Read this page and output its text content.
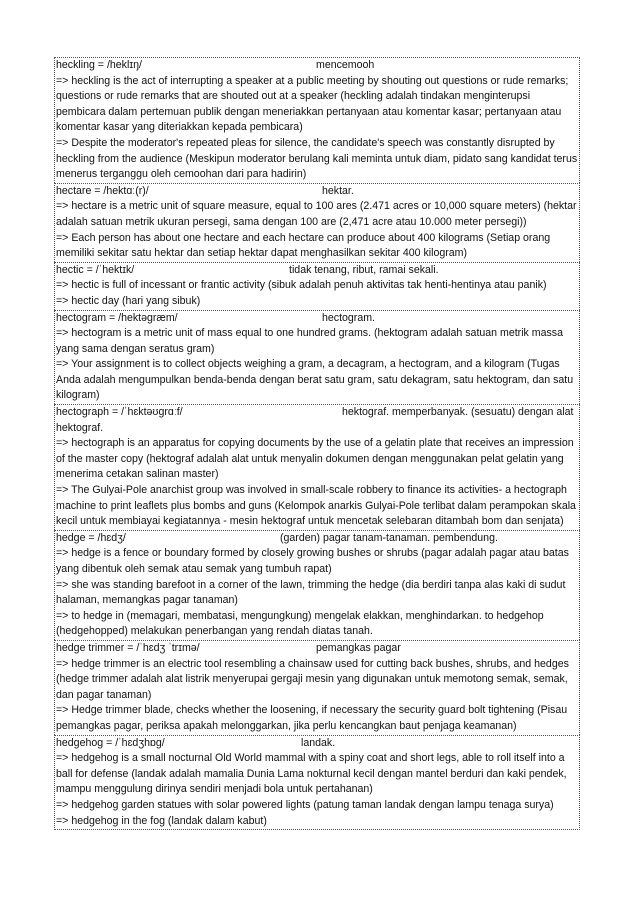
heckling = /heklɪŋ/	mencemooh
=> heckling is the act of interrupting a speaker at a public meeting by shouting out questions or rude remarks; questions or rude remarks that are shouted out at a speaker (heckling adalah tindakan menginterupsi pembicara dalam pertemuan publik dengan meneriakkan pertanyaan atau komentar kasar; pertanyaan atau komentar kasar yang diteriakkan kepada pembicara)
=> Despite the moderator's repeated pleas for silence, the candidate's speech was constantly disrupted by heckling from the audience (Meskipun moderator berulang kali meminta untuk diam, pidato sang kandidat terus menerus terganggu oleh cemoohan dari para hadirin)
hectare = /hektɑː(r)/	hektar.
=> hectare is a metric unit of square measure, equal to 100 ares (2.471 acres or 10,000 square meters) (hektar adalah satuan metrik ukuran persegi, sama dengan 100 are (2,471 acre atau 10.000 meter persegi))
=> Each person has about one hectare and each hectare can produce about 400 kilograms (Setiap orang memiliki sekitar satu hektar dan setiap hektar dapat menghasilkan sekitar 400 kilogram)
hectic = /ˈhektɪk/	tidak tenang, ribut, ramai sekali.
=> hectic is full of incessant or frantic activity (sibuk adalah penuh aktivitas tak henti-hentinya atau panik)
=> hectic day (hari yang sibuk)
hectogram = /hektəɡræm/	hectogram.
=> hectogram is a metric unit of mass equal to one hundred grams. (hektogram adalah satuan metrik massa yang sama dengan seratus gram)
=> Your assignment is to collect objects weighing a gram, a decagram, a hectogram, and a kilogram (Tugas Anda adalah mengumpulkan benda-benda dengan berat satu gram, satu dekagram, satu hektogram, dan satu kilogram)
hectograph = /ˈhɛktəʊɡrɑːf/	hektograf. memperbanyak. (sesuatu) dengan alat hektograf.
=> hectograph is an apparatus for copying documents by the use of a gelatin plate that receives an impression of the master copy (hektograf adalah alat untuk menyalin dokumen dengan menggunakan pelat gelatin yang menerima cetakan salinan master)
=> The Gulyai-Pole anarchist group was involved in small-scale robbery to finance its activities- a hectograph machine to print leaflets plus bombs and guns (Kelompok anarkis Gulyai-Pole terlibat dalam perampokan skala kecil untuk membiayai kegiatannya - mesin hektograf untuk mencetak selebaran ditambah bom dan senjata)
hedge = /hɛdʒ/	(garden) pagar tanam-tanaman. pembendung.
=> hedge is a fence or boundary formed by closely growing bushes or shrubs (pagar adalah pagar atau batas yang dibentuk oleh semak atau semak yang tumbuh rapat)
=> she was standing barefoot in a corner of the lawn, trimming the hedge (dia berdiri tanpa alas kaki di sudut halaman, memangkas pagar tanaman)
=> to hedge in (memagari, membatasi, mengungkung) mengelak elakkan, menghindarkan. to hedgehop (hedgehopped) melakukan penerbangan yang rendah diatas tanah.
hedge trimmer = /ˈhɛdʒ ˈtrɪmə/	pemangkas pagar
=> hedge trimmer is an electric tool resembling a chainsaw used for cutting back bushes, shrubs, and hedges (hedge trimmer adalah alat listrik menyerupai gergaji mesin yang digunakan untuk memotong semak, semak, dan pagar tanaman)
=> Hedge trimmer blade, checks whether the loosening, if necessary the security guard bolt tightening (Pisau pemangkas pagar, periksa apakah melonggarkan, jika perlu kencangkan baut penjaga keamanan)
hedgehog = /ˈhɛdʒhɒɡ/	landak.
=> hedgehog is a small nocturnal Old World mammal with a spiny coat and short legs, able to roll itself into a ball for defense (landak adalah mamalia Dunia Lama nokturnal kecil dengan mantel berduri dan kaki pendek, mampu menggulung dirinya sendiri menjadi bola untuk pertahanan)
=> hedgehog garden statues with solar powered lights (patung taman landak dengan lampu tenaga surya)
=> hedgehog in the fog (landak dalam kabut)
